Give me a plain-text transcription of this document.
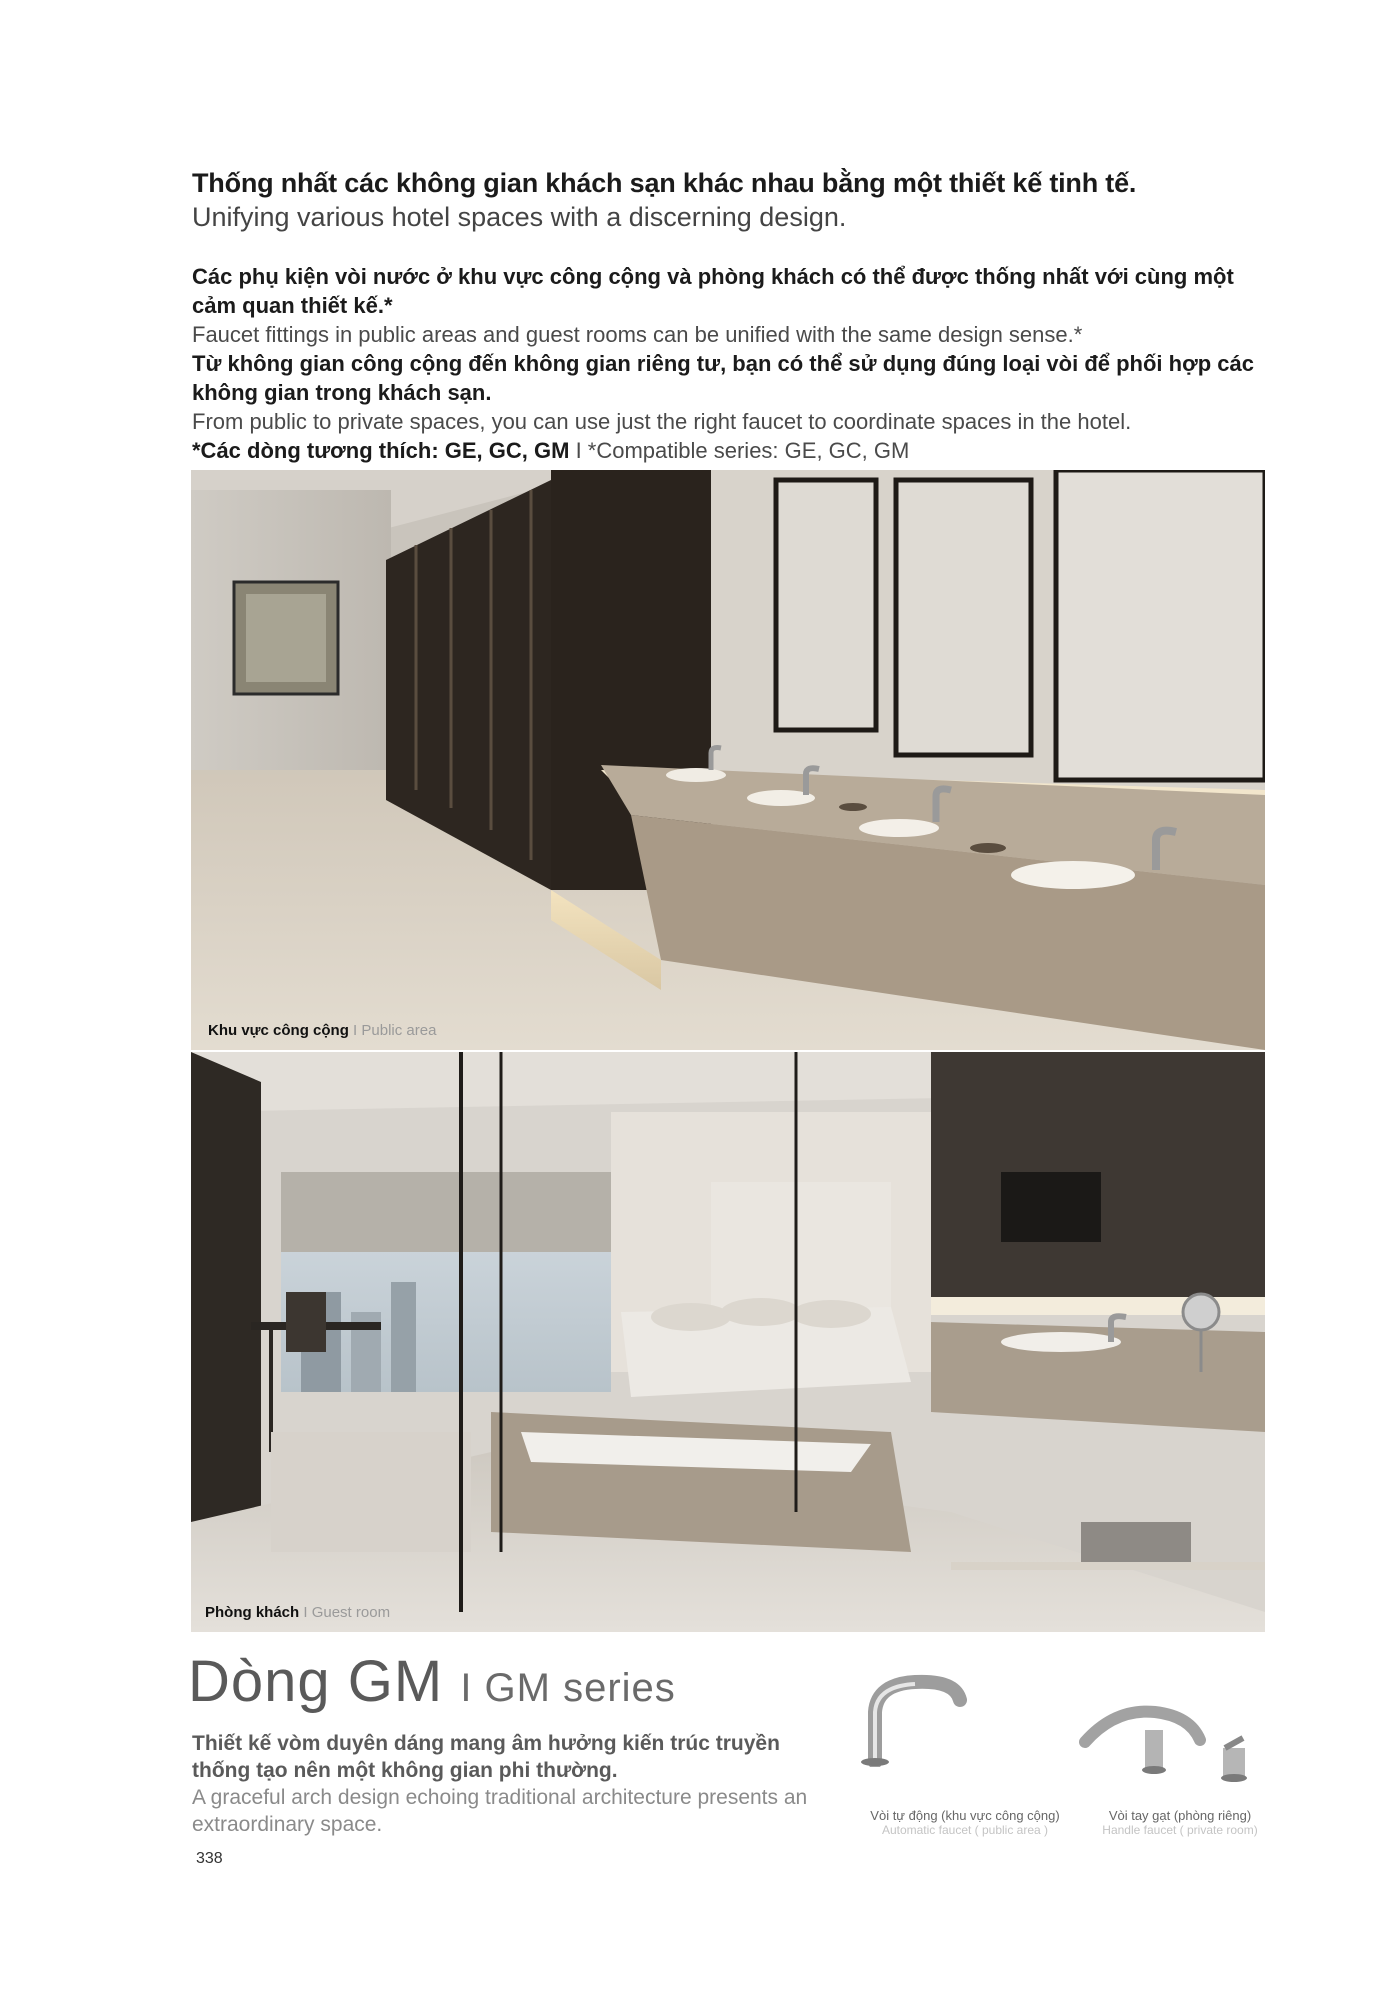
Thống nhất các không gian khách sạn khác nhau bằng một thiết kế tinh tế.
Unifying various hotel spaces with a discerning design.
Các phụ kiện vòi nước ở khu vực công cộng và phòng khách có thể được thống nhất với cùng một cảm quan thiết kế.*
Faucet fittings in public areas and guest rooms can be unified with the same design sense.*
Từ không gian công cộng đến không gian riêng tư, bạn có thể sử dụng đúng loại vòi để phối hợp các không gian trong khách sạn.
From public to private spaces, you can use just the right faucet to coordinate spaces in the hotel.
*Các dòng tương thích: GE, GC, GM I *Compatible series: GE, GC, GM
Khu vực công cộng I Public area
Phòng khách I Guest room
Dòng GM I GM series
Thiết kế vòm duyên dáng mang âm hưởng kiến trúc truyền thống tạo nên một không gian phi thường.
A graceful arch design echoing traditional architecture presents an extraordinary space.	Vòi tự động (khu vực công cộng)
Automatic faucet ( public area )
Vòi tay gạt (phòng riêng)
Handle faucet ( private room)
338
